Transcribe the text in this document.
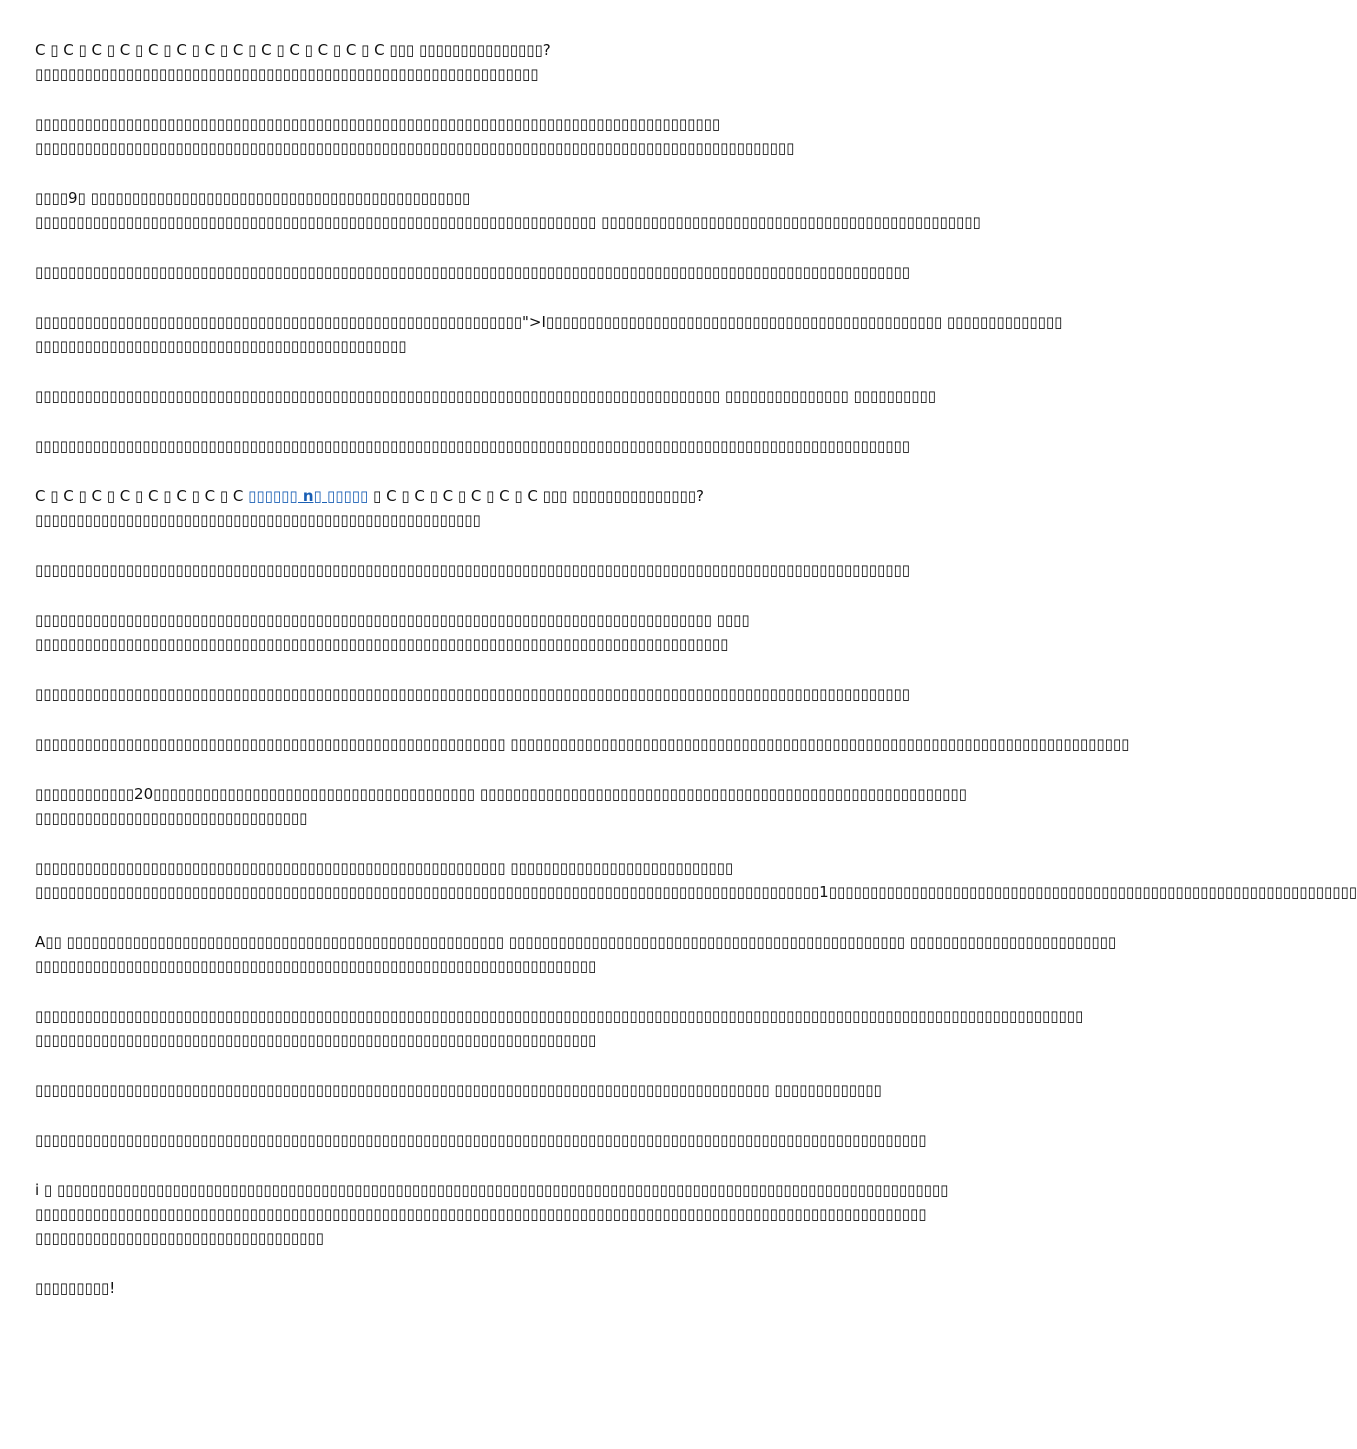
C ▯ C ▯ C ▯ C ▯ C ▯ C ▯ C ▯ C ▯ C ▯ C ▯ C ▯ C ▯ C ▯▯▯ ▯▯▯▯▯▯▯▯▯▯▯▯▯▯▯?
▯▯▯▯▯▯▯▯▯▯▯▯▯▯▯▯▯▯▯▯▯▯▯▯▯▯▯▯▯▯▯▯▯▯▯▯▯▯▯▯▯▯▯▯▯▯▯▯▯▯▯▯▯▯▯▯▯▯▯▯▯

▯▯▯▯▯▯▯▯▯▯▯▯▯▯▯▯▯▯▯▯▯▯▯▯▯▯▯▯▯▯▯▯▯▯▯▯▯▯▯▯▯▯▯▯▯▯▯▯▯▯▯▯▯▯▯▯▯▯▯▯▯▯▯▯▯▯▯▯▯▯▯▯▯▯▯▯▯▯▯▯▯▯▯
▯▯▯▯▯▯▯▯▯▯▯▯▯▯▯▯▯▯▯▯▯▯▯▯▯▯▯▯▯▯▯▯▯▯▯▯▯▯▯▯▯▯▯▯▯▯▯▯▯▯▯▯▯▯▯▯▯▯▯▯▯▯▯▯▯▯▯▯▯▯▯▯▯▯▯▯▯▯▯▯▯▯▯▯▯▯▯▯▯▯▯▯

▯▯▯▯9▯ ▯▯▯▯▯▯▯▯▯▯▯▯▯▯▯▯▯▯▯▯▯▯▯▯▯▯▯▯▯▯▯▯▯▯▯▯▯▯▯▯▯▯▯▯▯▯
▯▯▯▯▯▯▯▯▯▯▯▯▯▯▯▯▯▯▯▯▯▯▯▯▯▯▯▯▯▯▯▯▯▯▯▯▯▯▯▯▯▯▯▯▯▯▯▯▯▯▯▯▯▯▯▯▯▯▯▯▯▯▯▯▯▯▯▯ ▯▯▯▯▯▯▯▯▯▯▯▯▯▯▯▯▯▯▯▯▯▯▯▯▯▯▯▯▯▯▯▯▯▯▯▯▯▯▯▯▯▯▯▯▯▯

▯▯▯▯▯▯▯▯▯▯▯▯▯▯▯▯▯▯▯▯▯▯▯▯▯▯▯▯▯▯▯▯▯▯▯▯▯▯▯▯▯▯▯▯▯▯▯▯▯▯▯▯▯▯▯▯▯▯▯▯▯▯▯▯▯▯▯▯▯▯▯▯▯▯▯▯▯▯▯▯▯▯▯▯▯▯▯▯▯▯▯▯▯▯▯▯▯▯▯▯▯▯▯▯▯▯

▯▯▯▯▯▯▯▯▯▯▯▯▯▯▯▯▯▯▯▯▯▯▯▯▯▯▯▯▯▯▯▯▯▯▯▯▯▯▯▯▯▯▯▯▯▯▯▯▯▯▯▯▯▯▯▯▯▯▯">I▯▯▯▯▯▯▯▯▯▯▯▯▯▯▯▯▯▯▯▯▯▯▯▯▯▯▯▯▯▯▯▯▯▯▯▯▯▯▯▯▯▯▯▯▯▯▯▯ ▯▯▯▯▯▯▯▯▯▯▯▯▯▯
▯▯▯▯▯▯▯▯▯▯▯▯▯▯▯▯▯▯▯▯▯▯▯▯▯▯▯▯▯▯▯▯▯▯▯▯▯▯▯▯▯▯▯▯▯

▯▯▯▯▯▯▯▯▯▯▯▯▯▯▯▯▯▯▯▯▯▯▯▯▯▯▯▯▯▯▯▯▯▯▯▯▯▯▯▯▯▯▯▯▯▯▯▯▯▯▯▯▯▯▯▯▯▯▯▯▯▯▯▯▯▯▯▯▯▯▯▯▯▯▯▯▯▯▯▯▯▯▯ ▯▯▯▯▯▯▯▯▯▯▯▯▯▯▯ ▯▯▯▯▯▯▯▯▯▯

▯▯▯▯▯▯▯▯▯▯▯▯▯▯▯▯▯▯▯▯▯▯▯▯▯▯▯▯▯▯▯▯▯▯▯▯▯▯▯▯▯▯▯▯▯▯▯▯▯▯▯▯▯▯▯▯▯▯▯▯▯▯▯▯▯▯▯▯▯▯▯▯▯▯▯▯▯▯▯▯▯▯▯▯▯▯▯▯▯▯▯▯▯▯▯▯▯▯▯▯▯▯▯▯▯▯

C ▯ C ▯ C ▯ C ▯ C ▯ C ▯ C ▯ C ▯▯▯▯▯▯ n▯ ▯▯▯▯▯ ▯ C ▯ C ▯ C ▯ C ▯ C ▯ C ▯▯▯ ▯▯▯▯▯▯▯▯▯▯▯▯▯▯▯?
▯▯▯▯▯▯▯▯▯▯▯▯▯▯▯▯▯▯▯▯▯▯▯▯▯▯▯▯▯▯▯▯▯▯▯▯▯▯▯▯▯▯▯▯▯▯▯▯▯▯▯▯▯▯

▯▯▯▯▯▯▯▯▯▯▯▯▯▯▯▯▯▯▯▯▯▯▯▯▯▯▯▯▯▯▯▯▯▯▯▯▯▯▯▯▯▯▯▯▯▯▯▯▯▯▯▯▯▯▯▯▯▯▯▯▯▯▯▯▯▯▯▯▯▯▯▯▯▯▯▯▯▯▯▯▯▯▯▯▯▯▯▯▯▯▯▯▯▯▯▯▯▯▯▯▯▯▯▯▯▯

▯▯▯▯▯▯▯▯▯▯▯▯▯▯▯▯▯▯▯▯▯▯▯▯▯▯▯▯▯▯▯▯▯▯▯▯▯▯▯▯▯▯▯▯▯▯▯▯▯▯▯▯▯▯▯▯▯▯▯▯▯▯▯▯▯▯▯▯▯▯▯▯▯▯▯▯▯▯▯▯▯▯ ▯▯▯▯
▯▯▯▯▯▯▯▯▯▯▯▯▯▯▯▯▯▯▯▯▯▯▯▯▯▯▯▯▯▯▯▯▯▯▯▯▯▯▯▯▯▯▯▯▯▯▯▯▯▯▯▯▯▯▯▯▯▯▯▯▯▯▯▯▯▯▯▯▯▯▯▯▯▯▯▯▯▯▯▯▯▯▯▯

▯▯▯▯▯▯▯▯▯▯▯▯▯▯▯▯▯▯▯▯▯▯▯▯▯▯▯▯▯▯▯▯▯▯▯▯▯▯▯▯▯▯▯▯▯▯▯▯▯▯▯▯▯▯▯▯▯▯▯▯▯▯▯▯▯▯▯▯▯▯▯▯▯▯▯▯▯▯▯▯▯▯▯▯▯▯▯▯▯▯▯▯▯▯▯▯▯▯▯▯▯▯▯▯▯▯

▯▯▯▯▯▯▯▯▯▯▯▯▯▯▯▯▯▯▯▯▯▯▯▯▯▯▯▯▯▯▯▯▯▯▯▯▯▯▯▯▯▯▯▯▯▯▯▯▯▯▯▯▯▯▯▯▯ ▯▯▯▯▯▯▯▯▯▯▯▯▯▯▯▯▯▯▯▯▯▯▯▯▯▯▯▯▯▯▯▯▯▯▯▯▯▯▯▯▯▯▯▯▯▯▯▯▯▯▯▯▯▯▯▯▯▯▯▯▯▯▯▯▯▯▯▯▯▯▯▯▯▯▯

▯▯▯▯▯▯▯▯▯▯▯▯20▯▯▯▯▯▯▯▯▯▯▯▯▯▯▯▯▯▯▯▯▯▯▯▯▯▯▯▯▯▯▯▯▯▯▯▯▯▯▯ ▯▯▯▯▯▯▯▯▯▯▯▯▯▯▯▯▯▯▯▯▯▯▯▯▯▯▯▯▯▯▯▯▯▯▯▯▯▯▯▯▯▯▯▯▯▯▯▯▯▯▯▯▯▯▯▯▯▯▯
▯▯▯▯▯▯▯▯▯▯▯▯▯▯▯▯▯▯▯▯▯▯▯▯▯▯▯▯▯▯▯▯▯

▯▯▯▯▯▯▯▯▯▯▯▯▯▯▯▯▯▯▯▯▯▯▯▯▯▯▯▯▯▯▯▯▯▯▯▯▯▯▯▯▯▯▯▯▯▯▯▯▯▯▯▯▯▯▯▯▯ ▯▯▯▯▯▯▯▯▯▯▯▯▯▯▯▯▯▯▯▯▯▯▯▯▯▯▯
▯▯▯▯▯▯▯▯▯▯▯▯▯▯▯▯▯▯▯▯▯▯▯▯▯▯▯▯▯▯▯▯▯▯▯▯▯▯▯▯▯▯▯▯▯▯▯▯▯▯▯▯▯▯▯▯▯▯▯▯▯▯▯▯▯▯▯▯▯▯▯▯▯▯▯▯▯▯▯▯▯▯▯▯▯▯▯▯▯▯▯▯▯▯▯1▯▯▯▯▯▯▯▯▯▯▯▯▯▯▯▯▯▯▯▯▯▯▯▯▯▯▯▯▯▯▯▯▯▯▯▯▯▯▯▯▯▯▯▯▯▯▯▯▯▯▯▯▯▯▯▯▯▯▯▯▯▯▯▯

A▯▯ ▯▯▯▯▯▯▯▯▯▯▯▯▯▯▯▯▯▯▯▯▯▯▯▯▯▯▯▯▯▯▯▯▯▯▯▯▯▯▯▯▯▯▯▯▯▯▯▯▯▯▯▯▯ ▯▯▯▯▯▯▯▯▯▯▯▯▯▯▯▯▯▯▯▯▯▯▯▯▯▯▯▯▯▯▯▯▯▯▯▯▯▯▯▯▯▯▯▯▯▯▯▯ ▯▯▯▯▯▯▯▯▯▯▯▯▯▯▯▯▯▯▯▯▯▯▯▯▯
▯▯▯▯▯▯▯▯▯▯▯▯▯▯▯▯▯▯▯▯▯▯▯▯▯▯▯▯▯▯▯▯▯▯▯▯▯▯▯▯▯▯▯▯▯▯▯▯▯▯▯▯▯▯▯▯▯▯▯▯▯▯▯▯▯▯▯▯

▯▯▯▯▯▯▯▯▯▯▯▯▯▯▯▯▯▯▯▯▯▯▯▯▯▯▯▯▯▯▯▯▯▯▯▯▯▯▯▯▯▯▯▯▯▯▯▯▯▯▯▯▯▯▯▯▯▯▯▯▯▯▯▯▯▯▯▯▯▯▯▯▯▯▯▯▯▯▯▯▯▯▯▯▯▯▯▯▯▯▯▯▯▯▯▯▯▯▯▯▯▯▯▯▯▯▯▯▯▯▯▯▯▯▯▯▯▯▯▯▯▯▯▯▯▯▯
▯▯▯▯▯▯▯▯▯▯▯▯▯▯▯▯▯▯▯▯▯▯▯▯▯▯▯▯▯▯▯▯▯▯▯▯▯▯▯▯▯▯▯▯▯▯▯▯▯▯▯▯▯▯▯▯▯▯▯▯▯▯▯▯▯▯▯▯

▯▯▯▯▯▯▯▯▯▯▯▯▯▯▯▯▯▯▯▯▯▯▯▯▯▯▯▯▯▯▯▯▯▯▯▯▯▯▯▯▯▯▯▯▯▯▯▯▯▯▯▯▯▯▯▯▯▯▯▯▯▯▯▯▯▯▯▯▯▯▯▯▯▯▯▯▯▯▯▯▯▯▯▯▯▯▯▯▯ ▯▯▯▯▯▯▯▯▯▯▯▯▯

▯▯▯▯▯▯▯▯▯▯▯▯▯▯▯▯▯▯▯▯▯▯▯▯▯▯▯▯▯▯▯▯▯▯▯▯▯▯▯▯▯▯▯▯▯▯▯▯▯▯▯▯▯▯▯▯▯▯▯▯▯▯▯▯▯▯▯▯▯▯▯▯▯▯▯▯▯▯▯▯▯▯▯▯▯▯▯▯▯▯▯▯▯▯▯▯▯▯▯▯▯▯▯▯▯▯▯▯

i ▯ ▯▯▯▯▯▯▯▯▯▯▯▯▯▯▯▯▯▯▯▯▯▯▯▯▯▯▯▯▯▯▯▯▯▯▯▯▯▯▯▯▯▯▯▯▯▯▯▯▯▯▯▯▯▯▯▯▯▯▯▯▯▯▯▯▯▯▯▯▯▯▯▯▯▯▯▯▯▯▯▯▯▯▯▯▯▯▯▯▯▯▯▯▯▯▯▯▯▯▯▯▯▯▯▯▯▯▯▯
▯▯▯▯▯▯▯▯▯▯▯▯▯▯▯▯▯▯▯▯▯▯▯▯▯▯▯▯▯▯▯▯▯▯▯▯▯▯▯▯▯▯▯▯▯▯▯▯▯▯▯▯▯▯▯▯▯▯▯▯▯▯▯▯▯▯▯▯▯▯▯▯▯▯▯▯▯▯▯▯▯▯▯▯▯▯▯▯▯▯▯▯▯▯▯▯▯▯▯▯▯▯▯▯▯▯▯▯
▯▯▯▯▯▯▯▯▯▯▯▯▯▯▯▯▯▯▯▯▯▯▯▯▯▯▯▯▯▯▯▯▯▯▯

▯▯▯▯▯▯▯▯▯!
